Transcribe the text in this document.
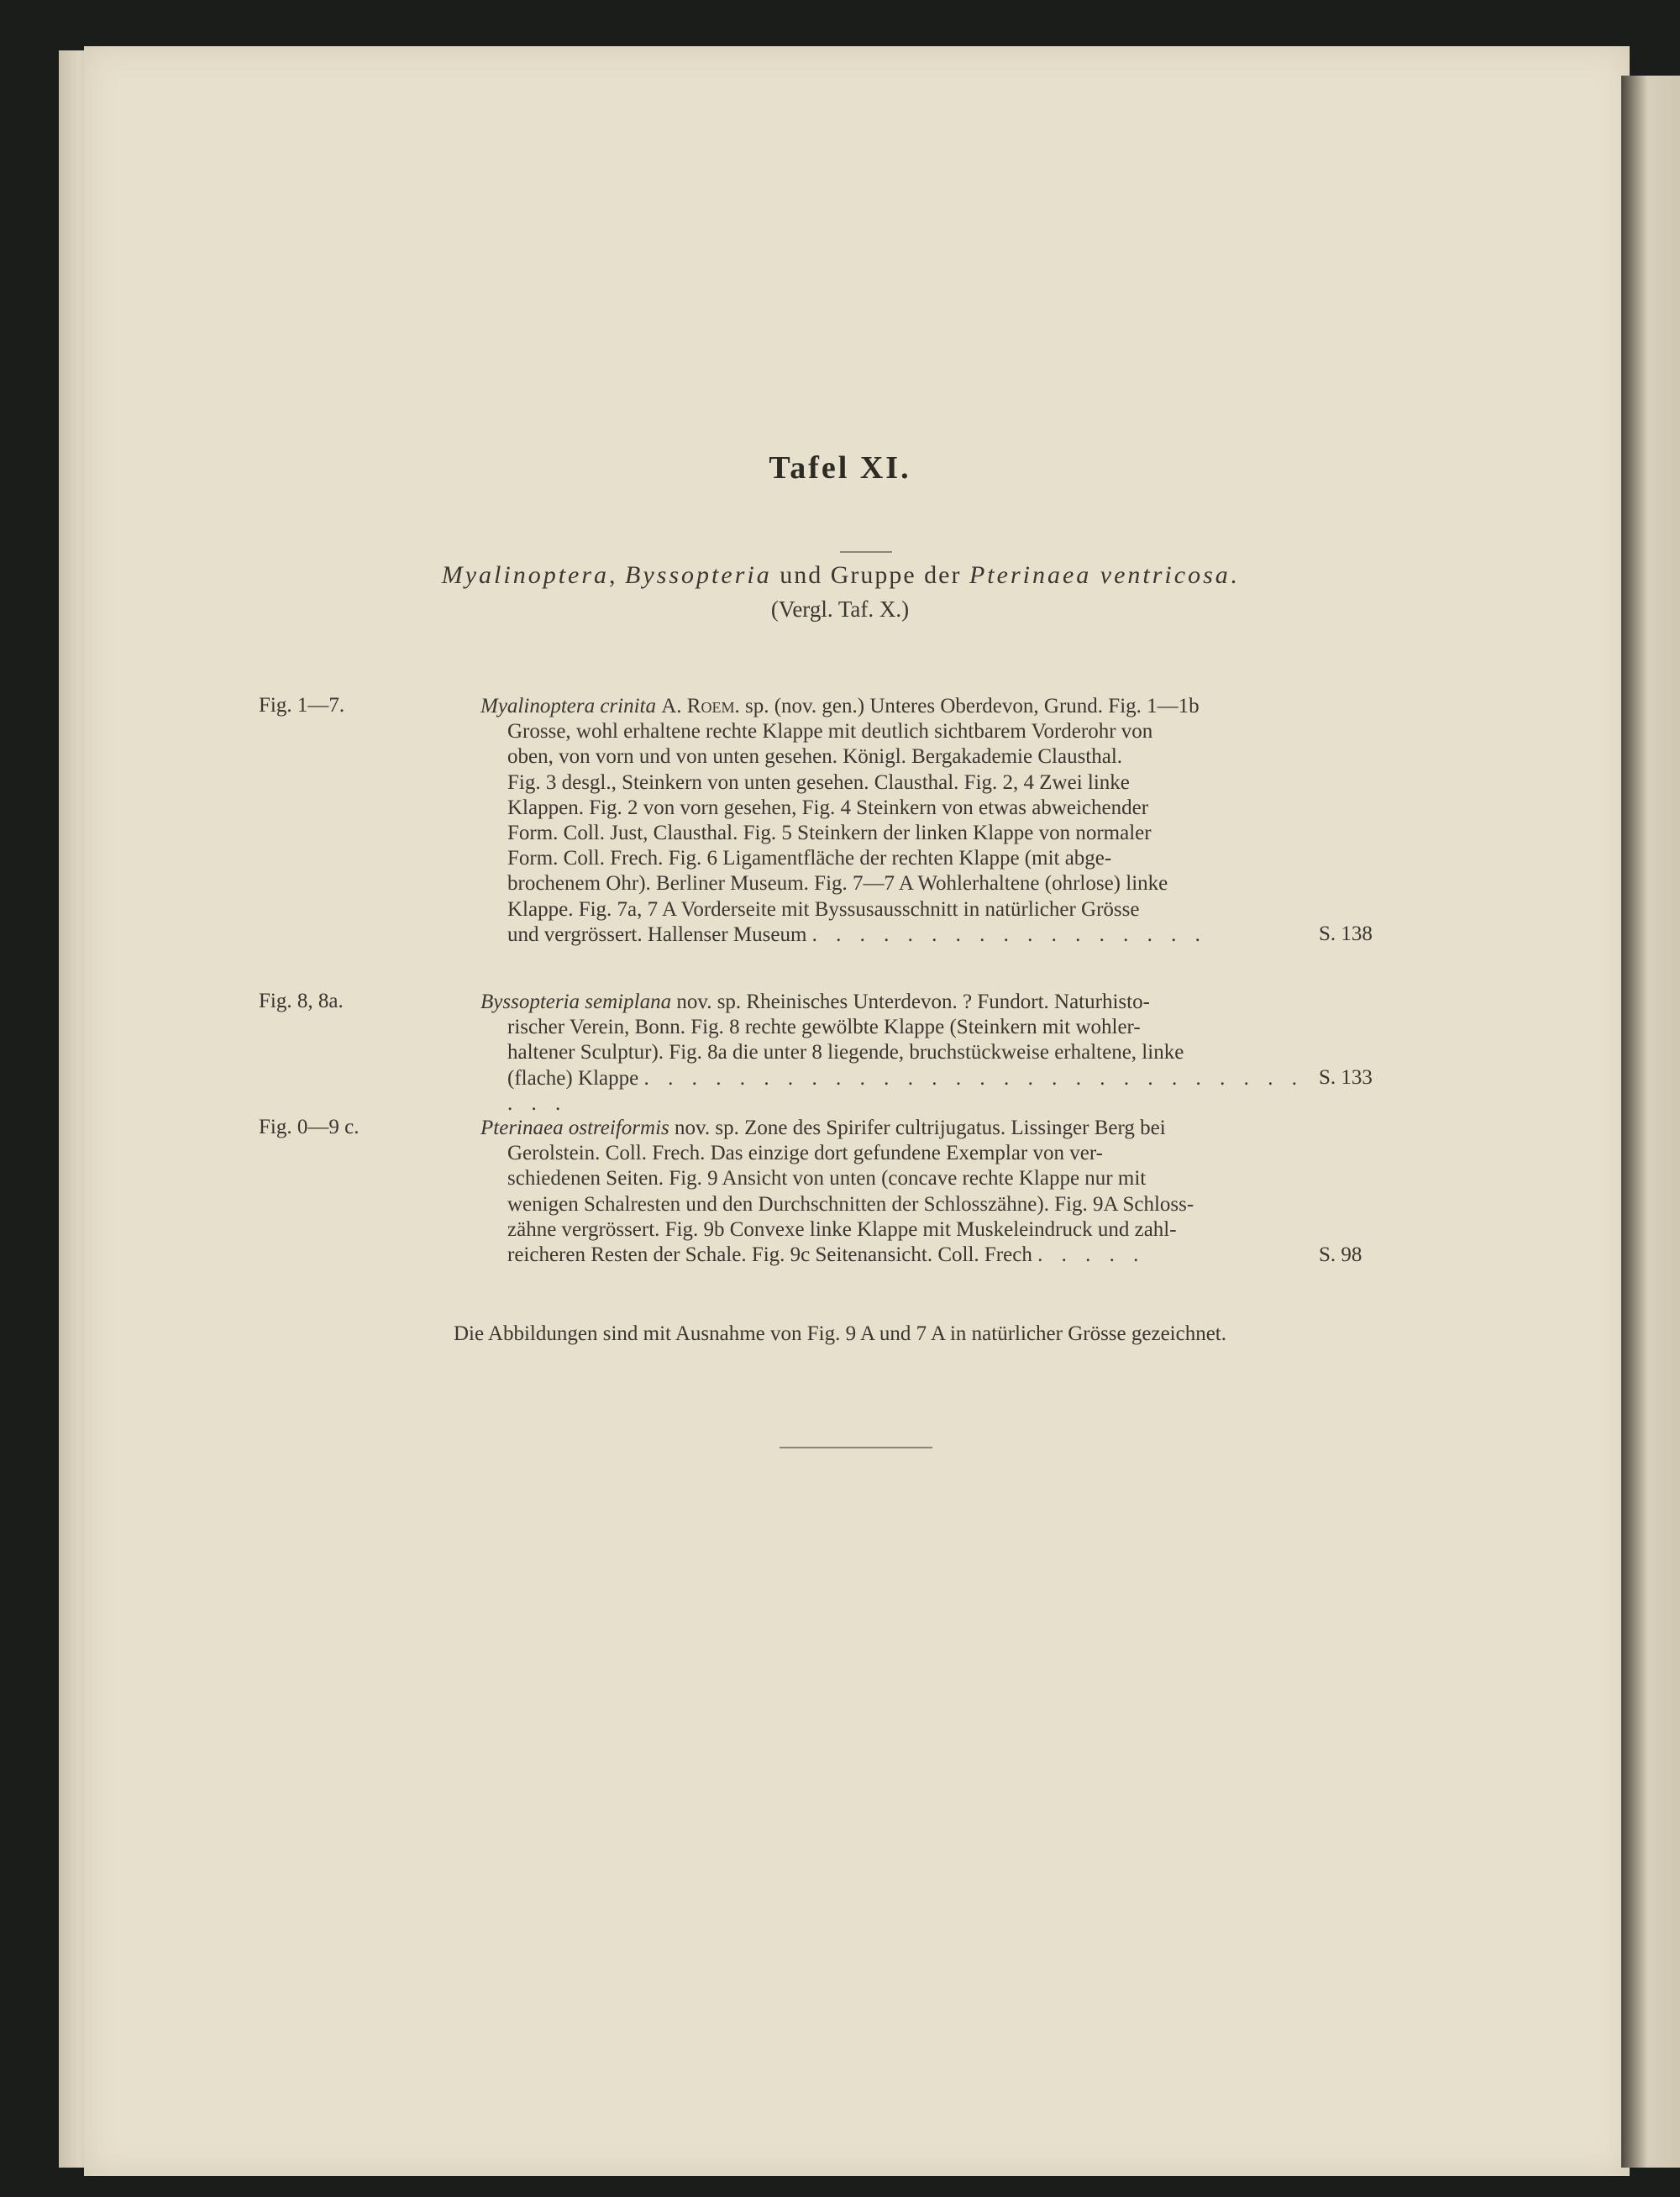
Tafel XI.
Myalinoptera, Byssopteria und Gruppe der Pterinaea ventricosa.
(Vergl. Taf. X.)
Fig. 1—7.	Myalinoptera crinita A. Roem. sp. (nov. gen.) Unteres Oberdevon, Grund. Fig. 1—1b
Grosse, wohl erhaltene rechte Klappe mit deutlich sichtbarem Vorderohr von
oben, von vorn und von unten gesehen. Königl. Bergakademie Clausthal.
Fig. 3 desgl., Steinkern von unten gesehen. Clausthal. Fig. 2, 4 Zwei linke
Klappen. Fig. 2 von vorn gesehen, Fig. 4 Steinkern von etwas abweichender
Form. Coll. Just, Clausthal. Fig. 5 Steinkern der linken Klappe von normaler
Form. Coll. Frech. Fig. 6 Ligamentfläche der rechten Klappe (mit abge-
brochenem Ohr). Berliner Museum. Fig. 7—7 A Wohlerhaltene (ohrlose) linke
Klappe. Fig. 7a, 7 A Vorderseite mit Byssusausschnitt in natürlicher Grösse
und vergrössert. Hallenser Museum . . . . . . . . . . . . . . . . .	S. 138
Fig. 8, 8a.	Byssopteria semiplana nov. sp. Rheinisches Unterdevon. ? Fundort. Naturhisto-
rischer Verein, Bonn. Fig. 8 rechte gewölbte Klappe (Steinkern mit wohler-
haltener Sculptur). Fig. 8a die unter 8 liegende, bruchstückweise erhaltene, linke
(flache) Klappe . . . . . . . . . . . . . . . . . . . . . . . . . . . . . . .
S. 133
Fig. 0—9 c.	Pterinaea ostreiformis nov. sp. Zone des Spirifer cultrijugatus. Lissinger Berg bei
Gerolstein. Coll. Frech. Das einzige dort gefundene Exemplar von ver-
schiedenen Seiten. Fig. 9 Ansicht von unten (concave rechte Klappe nur mit
wenigen Schalresten und den Durchschnitten der Schlosszähne). Fig. 9A Schloss-
zähne vergrössert. Fig. 9b Convexe linke Klappe mit Muskeleindruck und zahl-
reicheren Resten der Schale. Fig. 9c Seitenansicht. Coll. Frech . . . . .	S. 98
Die Abbildungen sind mit Ausnahme von Fig. 9 A und 7 A in natürlicher Grösse gezeichnet.
